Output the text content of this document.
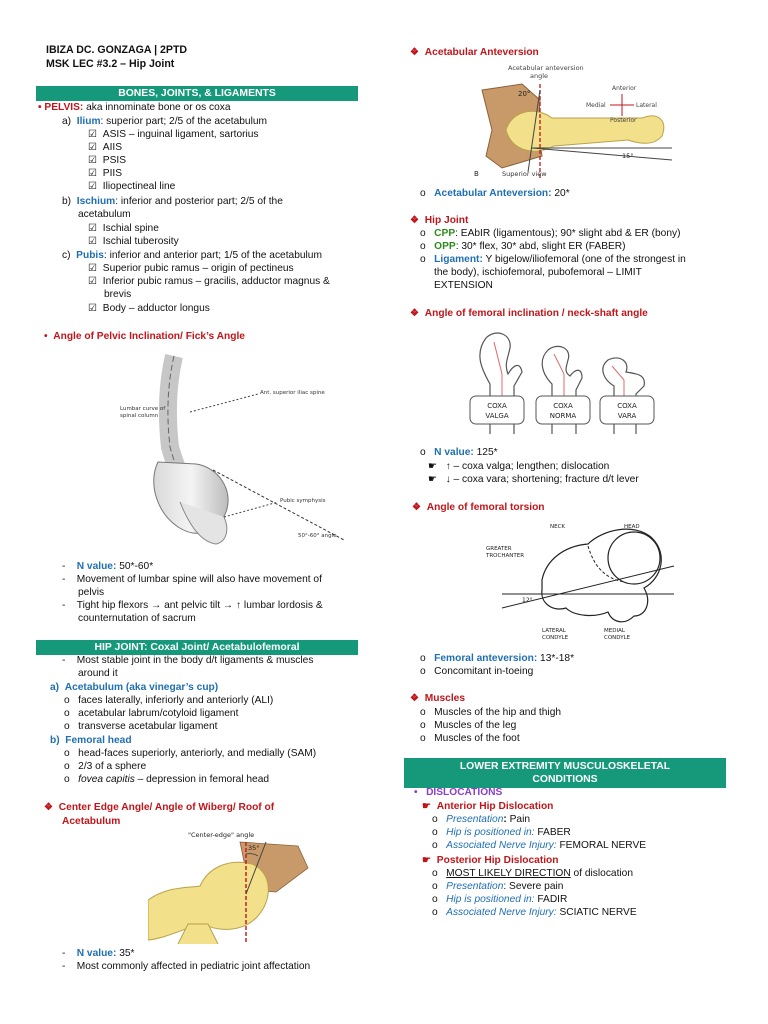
IBIZA DC. GONZAGA | 2PTD
MSK LEC #3.2 – Hip Joint
BONES, JOINTS, & LIGAMENTS
• PELVIS: aka innominate bone or os coxa
a) Ilium: superior part; 2/5 of the acetabulum
☑  ASIS – inguinal ligament, sartorius
☑  AIIS
☑  PSIS
☑  PIIS
☑  Iliopectineal line
b) Ischium: inferior and posterior part; 2/5 of the
acetabulum
☑  Ischial spine
☑  Ischial tuberosity
c) Pubis: inferior and anterior part; 1/5 of the acetabulum
☑  Superior pubic ramus – origin of pectineus
☑  Inferior pubic ramus – gracilis, adductor magnus &
brevis
☑  Body – adductor longus
•  Angle of Pelvic Inclination/ Fick’s Angle
Lumbar curve of
spinal column
Ant. superior iliac spine
Pubic symphysis
50°-60° angle
-    N value: 50*-60*
-    Movement of lumbar spine will also have movement of
pelvis
-    Tight hip flexors → ant pelvic tilt → ↑ lumbar lordosis &
counternutation of sacrum
HIP JOINT: Coxal Joint/ Acetabulofemoral
-    Most stable joint in the body d/t ligaments & muscles
around it
a) Acetabulum (aka vinegar’s cup)
o   faces laterally, inferiorly and anteriorly (ALI)
o   acetabular labrum/cotyloid ligament
o   transverse acetabular ligament
b) Femoral head
o   head-faces superiorly, anteriorly, and medially (SAM)
o   2/3 of a sphere
o   fovea capitis – depression in femoral head
❖  Center Edge Angle/ Angle of Wiberg/ Roof of
Acetabulum
"Center-edge" angle
35°
-    N value: 35*
-    Most commonly affected in pediatric joint affectation
❖  Acetabular Anteversion
Acetabular anteversion
angle
20°
15°
Anterior
Medial	Lateral
Posterior
B	Superior view
o   Acetabular Anteversion: 20*
❖  Hip Joint
o   CPP: EAbIR (ligamentous); 90* slight abd & ER (bony)
o   OPP: 30* flex, 30* abd, slight ER (FABER)
o   Ligament: Y bigelow/iliofemoral (one of the strongest in
the body), ischiofemoral, pubofemoral – LIMIT
EXTENSION
❖  Angle of femoral inclination / neck-shaft angle
COXA
VALGA
COXA
NORMA
COXA
VARA
o   N value: 125*
☛   ↑ – coxa valga; lengthen; dislocation
☛   ↓ – coxa vara; shortening; fracture d/t lever
❖  Angle of femoral torsion
12°
NECK	HEAD
GREATER
TROCHANTER
LATERAL
CONDYLE
MEDIAL
CONDYLE
o   Femoral anteversion: 13*-18*
o   Concomitant in-toeing
❖  Muscles
o   Muscles of the hip and thigh
o   Muscles of the leg
o   Muscles of the foot
LOWER EXTREMITY MUSCULOSKELETAL
CONDITIONS
•   DISLOCATIONS
☛  Anterior Hip Dislocation
o   Presentation: Pain
o   Hip is positioned in: FABER
o   Associated Nerve Injury: FEMORAL NERVE
☛  Posterior Hip Dislocation
o   MOST LIKELY DIRECTION of dislocation
o   Presentation: Severe pain
o   Hip is positioned in: FADIR
o   Associated Nerve Injury: SCIATIC NERVE
